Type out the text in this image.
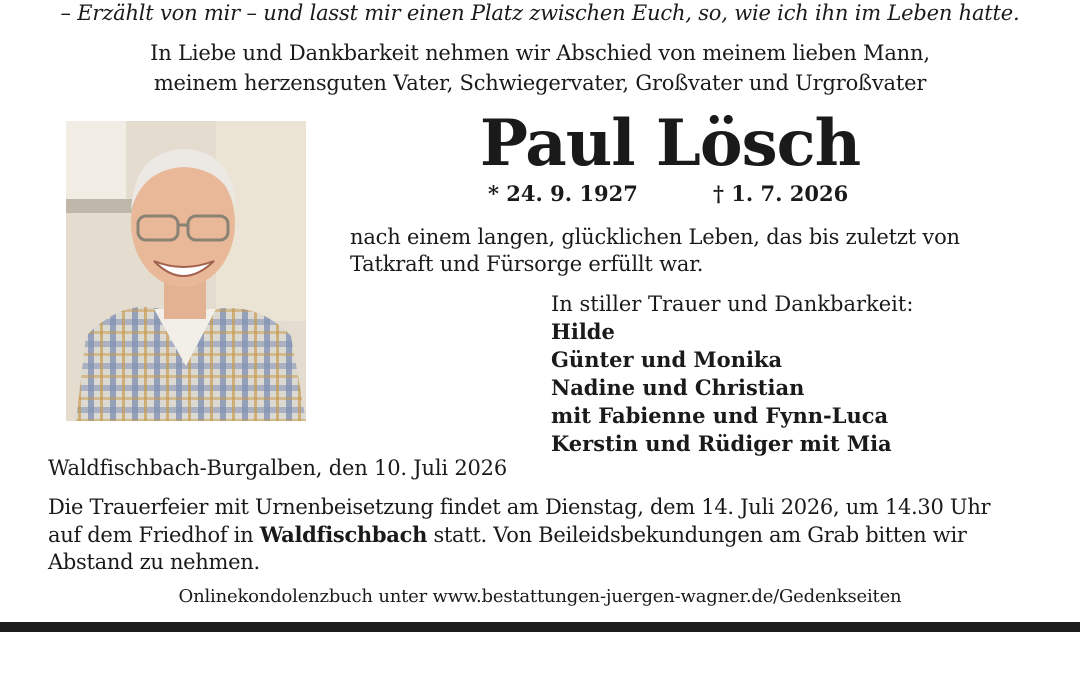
– Erzählt von mir – und lasst mir einen Platz zwischen Euch, so, wie ich ihn im Leben hatte.
In Liebe und Dankbarkeit nehmen wir Abschied von meinem lieben Mann,
meinem herzensguten Vater, Schwiegervater, Großvater und Urgroßvater
Paul Lösch
* 24. 9. 1927	† 1. 7. 2026
nach einem langen, glücklichen Leben, das bis zuletzt von
Tatkraft und Fürsorge erfüllt war.
In stiller Trauer und Dankbarkeit:
Hilde
Günter und Monika
Nadine und Christian
mit Fabienne und Fynn-Luca
Kerstin und Rüdiger mit Mia
Waldfischbach-Burgalben, den 10. Juli 2026
Die Trauerfeier mit Urnenbeisetzung findet am Dienstag, dem 14. Juli 2026, um 14.30 Uhr
auf dem Friedhof in Waldfischbach statt. Von Beileidsbekundungen am Grab bitten wir
Abstand zu nehmen.
Onlinekondolenzbuch unter www.bestattungen-juergen-wagner.de/Gedenkseiten
